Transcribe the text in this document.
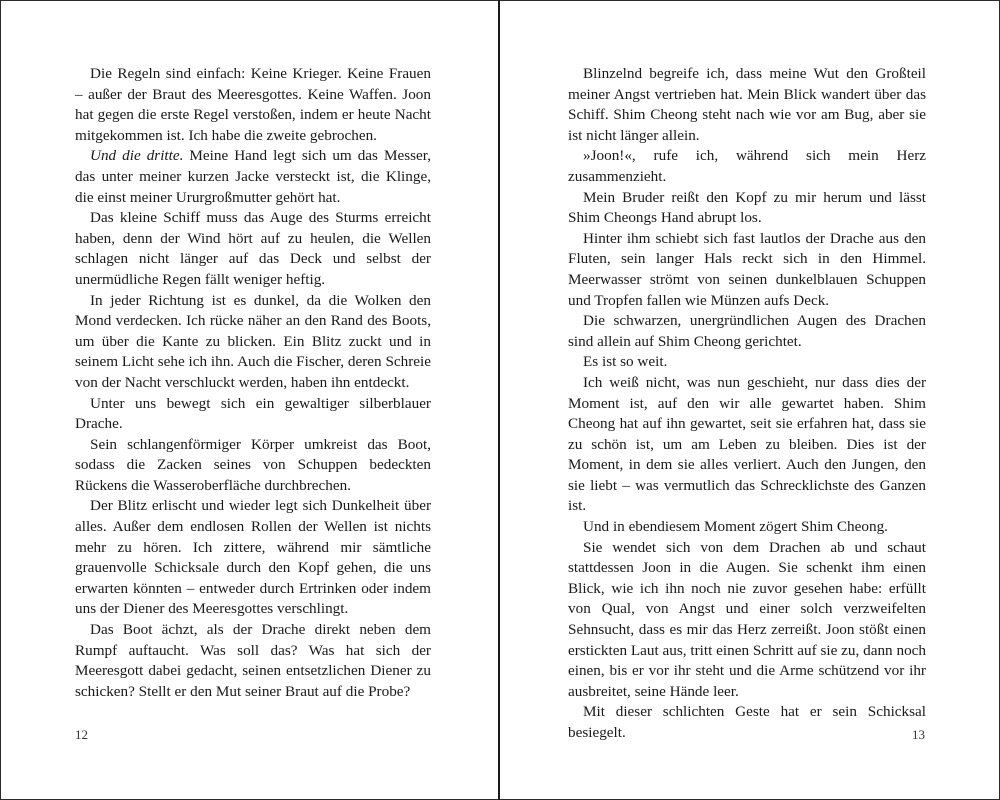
Die Regeln sind einfach: Keine Krieger. Keine Frauen – außer der Braut des Meeresgottes. Keine Waffen. Joon hat gegen die erste Regel verstoßen, indem er heute Nacht mitgekommen ist. Ich habe die zweite gebrochen.

Und die dritte. Meine Hand legt sich um das Messer, das unter meiner kurzen Jacke versteckt ist, die Klinge, die einst meiner Ururgroßmutter gehört hat.

Das kleine Schiff muss das Auge des Sturms erreicht haben, denn der Wind hört auf zu heulen, die Wellen schlagen nicht länger auf das Deck und selbst der unermüdliche Regen fällt weniger heftig.

In jeder Richtung ist es dunkel, da die Wolken den Mond verdecken. Ich rücke näher an den Rand des Boots, um über die Kante zu blicken. Ein Blitz zuckt und in seinem Licht sehe ich ihn. Auch die Fischer, deren Schreie von der Nacht verschluckt werden, haben ihn entdeckt.

Unter uns bewegt sich ein gewaltiger silberblauer Drache.

Sein schlangenförmiger Körper umkreist das Boot, sodass die Zacken seines von Schuppen bedeckten Rückens die Wasseroberfläche durchbrechen.

Der Blitz erlischt und wieder legt sich Dunkelheit über alles. Außer dem endlosen Rollen der Wellen ist nichts mehr zu hören. Ich zittere, während mir sämtliche grauenvolle Schicksale durch den Kopf gehen, die uns erwarten könnten – entweder durch Ertrinken oder indem uns der Diener des Meeresgottes verschlingt.

Das Boot ächzt, als der Drache direkt neben dem Rumpf auftaucht. Was soll das? Was hat sich der Meeresgott dabei gedacht, seinen entsetzlichen Diener zu schicken? Stellt er den Mut seiner Braut auf die Probe?

12

Blinzelnd begreife ich, dass meine Wut den Großteil meiner Angst vertrieben hat. Mein Blick wandert über das Schiff. Shim Cheong steht nach wie vor am Bug, aber sie ist nicht länger allein.

»Joon!«, rufe ich, während sich mein Herz zusammenzieht.

Mein Bruder reißt den Kopf zu mir herum und lässt Shim Cheongs Hand abrupt los.

Hinter ihm schiebt sich fast lautlos der Drache aus den Fluten, sein langer Hals reckt sich in den Himmel. Meerwasser strömt von seinen dunkelblauen Schuppen und Tropfen fallen wie Münzen aufs Deck.

Die schwarzen, unergründlichen Augen des Drachen sind allein auf Shim Cheong gerichtet.

Es ist so weit.

Ich weiß nicht, was nun geschieht, nur dass dies der Moment ist, auf den wir alle gewartet haben. Shim Cheong hat auf ihn gewartet, seit sie erfahren hat, dass sie zu schön ist, um am Leben zu bleiben. Dies ist der Moment, in dem sie alles verliert. Auch den Jungen, den sie liebt – was vermutlich das Schrecklichste des Ganzen ist.

Und in ebendiesem Moment zögert Shim Cheong.

Sie wendet sich von dem Drachen ab und schaut stattdessen Joon in die Augen. Sie schenkt ihm einen Blick, wie ich ihn noch nie zuvor gesehen habe: erfüllt von Qual, von Angst und einer solch verzweifelten Sehnsucht, dass es mir das Herz zerreißt. Joon stößt einen erstickten Laut aus, tritt einen Schritt auf sie zu, dann noch einen, bis er vor ihr steht und die Arme schützend vor ihr ausbreitet, seine Hände leer.

Mit dieser schlichten Geste hat er sein Schicksal besiegelt.	13
